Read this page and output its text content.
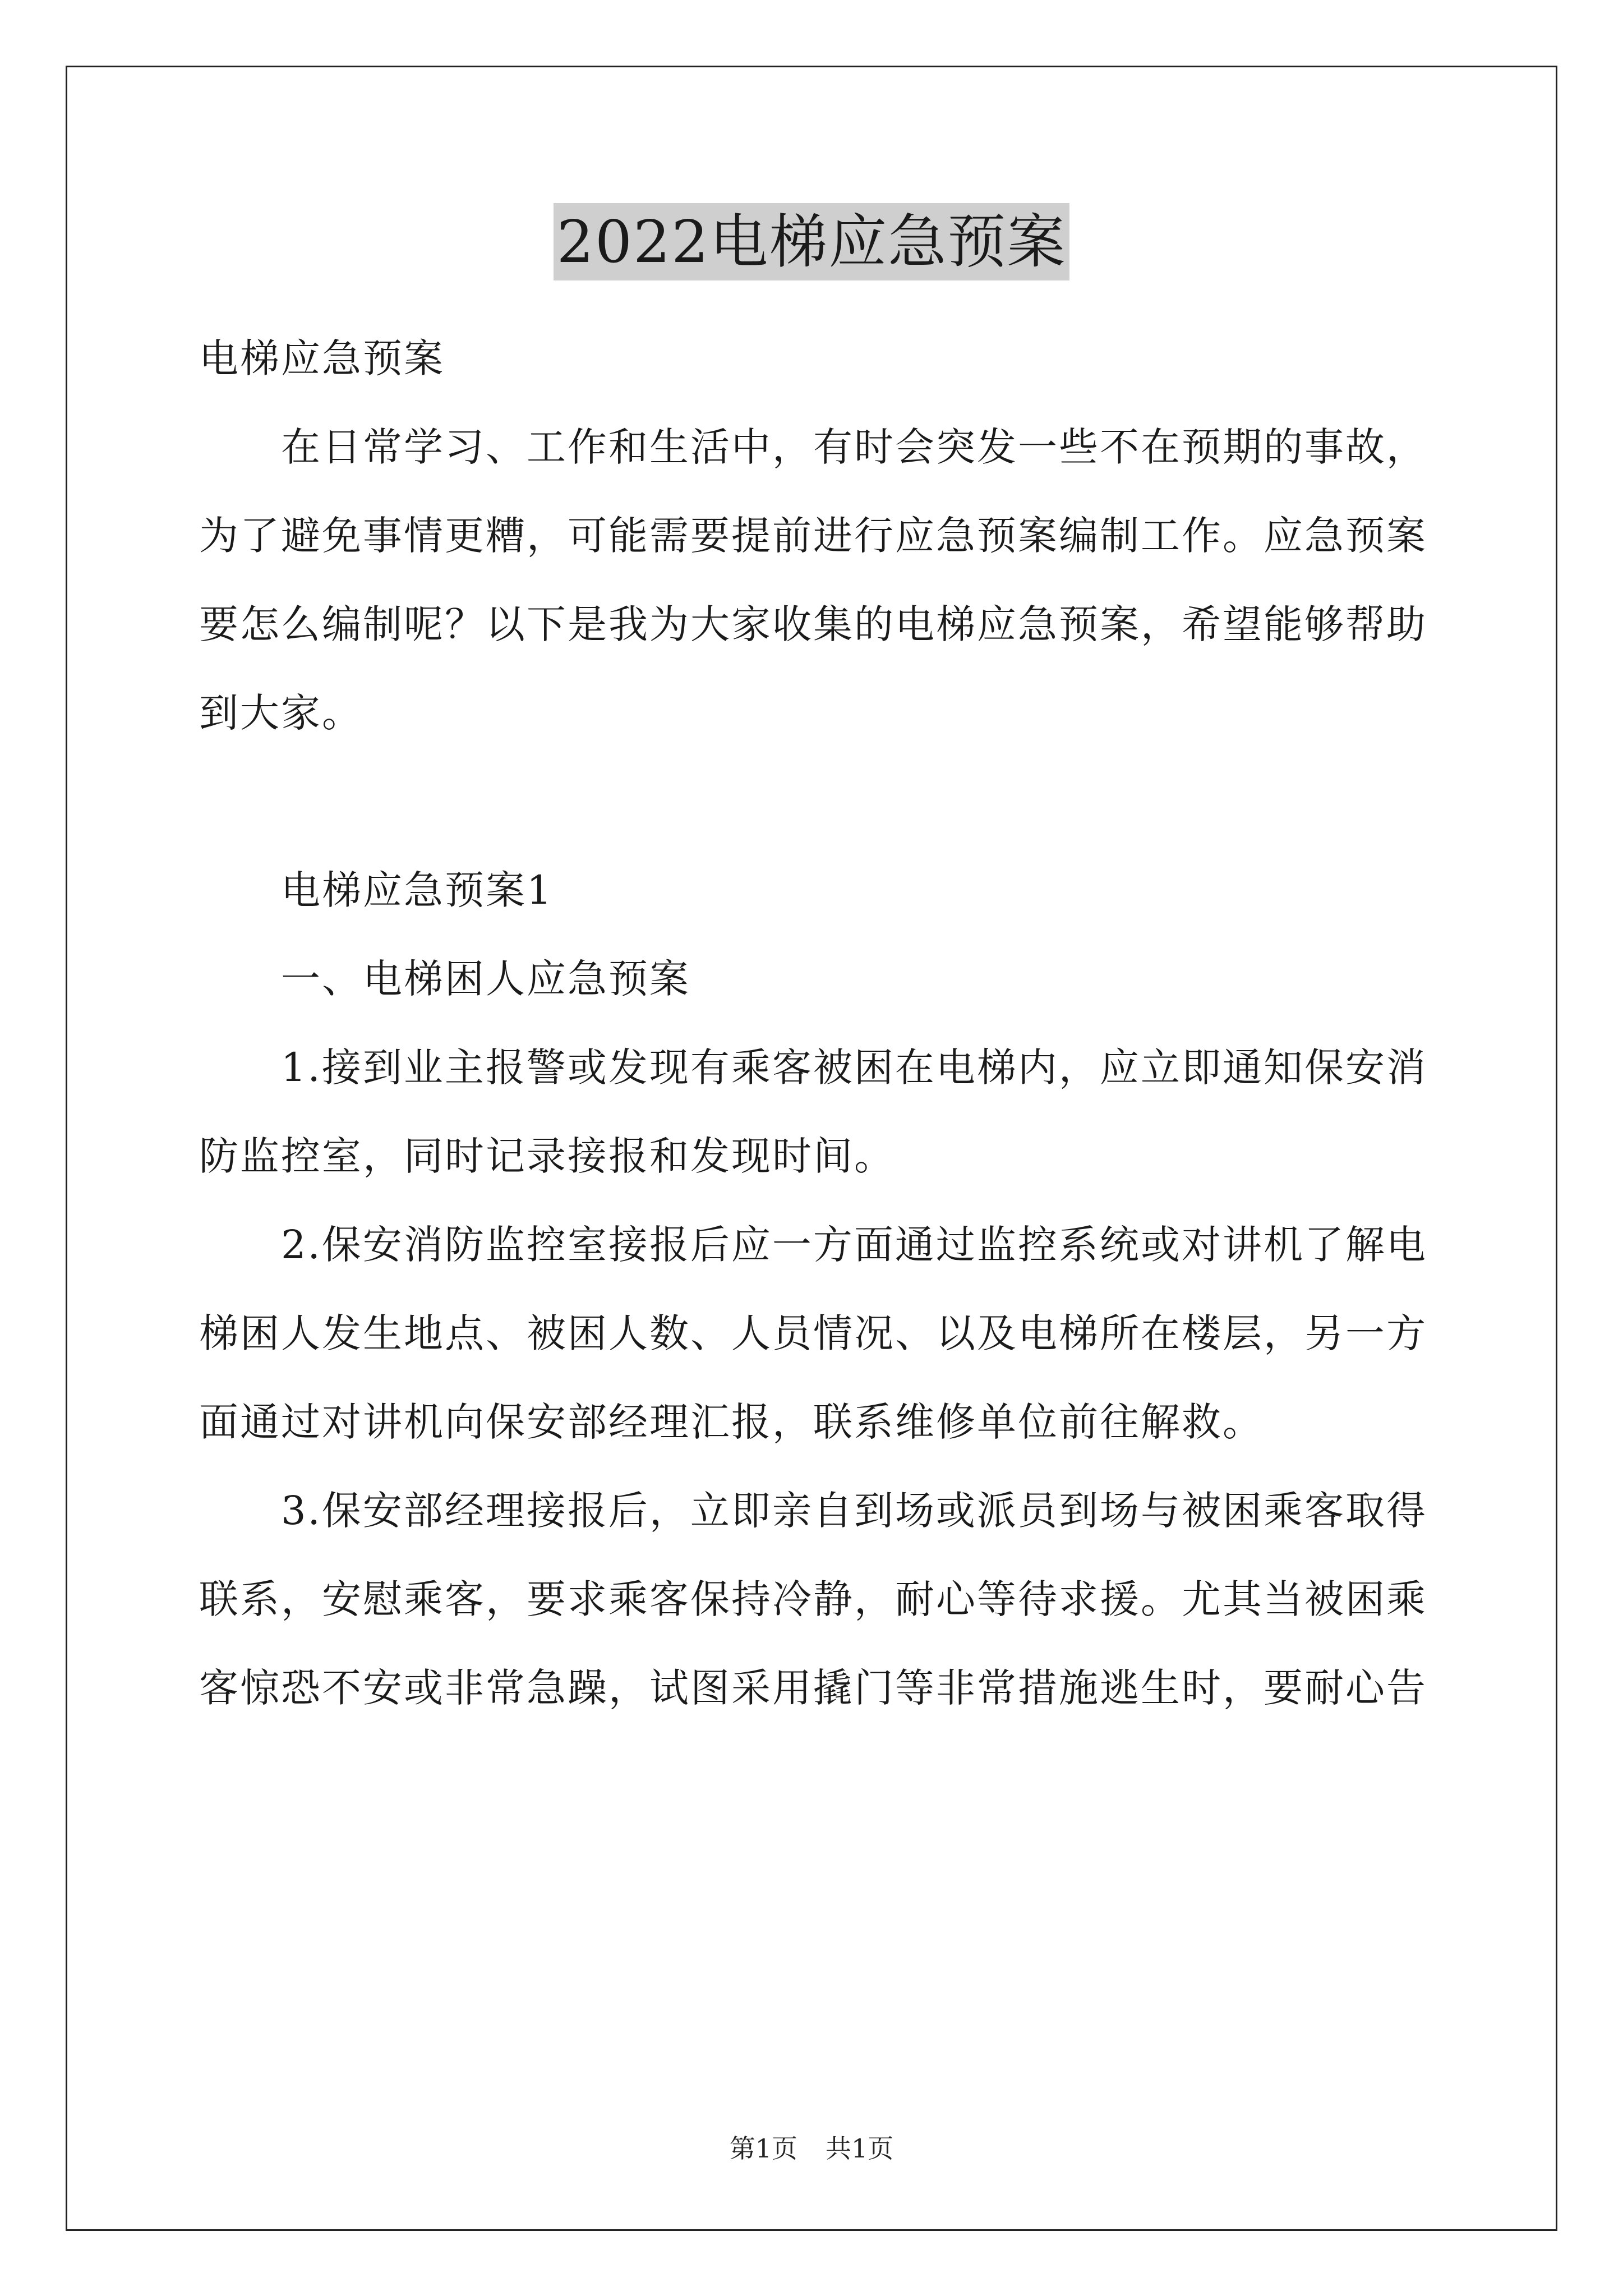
2022电梯应急预案

电梯应急预案

在日常学习、工作和生活中，有时会突发一些不在预期的事故，为了避免事情更糟，可能需要提前进行应急预案编制工作。应急预案要怎么编制呢？以下是我为大家收集的电梯应急预案，希望能够帮助到大家。

电梯应急预案1

一、电梯困人应急预案

1.接到业主报警或发现有乘客被困在电梯内，应立即通知保安消防监控室，同时记录接报和发现时间。

2.保安消防监控室接报后应一方面通过监控系统或对讲机了解电梯困人发生地点、被困人数、人员情况、以及电梯所在楼层，另一方面通过对讲机向保安部经理汇报，联系维修单位前往解救。

3.保安部经理接报后，立即亲自到场或派员到场与被困乘客取得联系，安慰乘客，要求乘客保持冷静，耐心等待求援。尤其当被困乘客惊恐不安或非常急躁，试图采用撬门等非常措施逃生时，要耐心告

第1页 共1页
